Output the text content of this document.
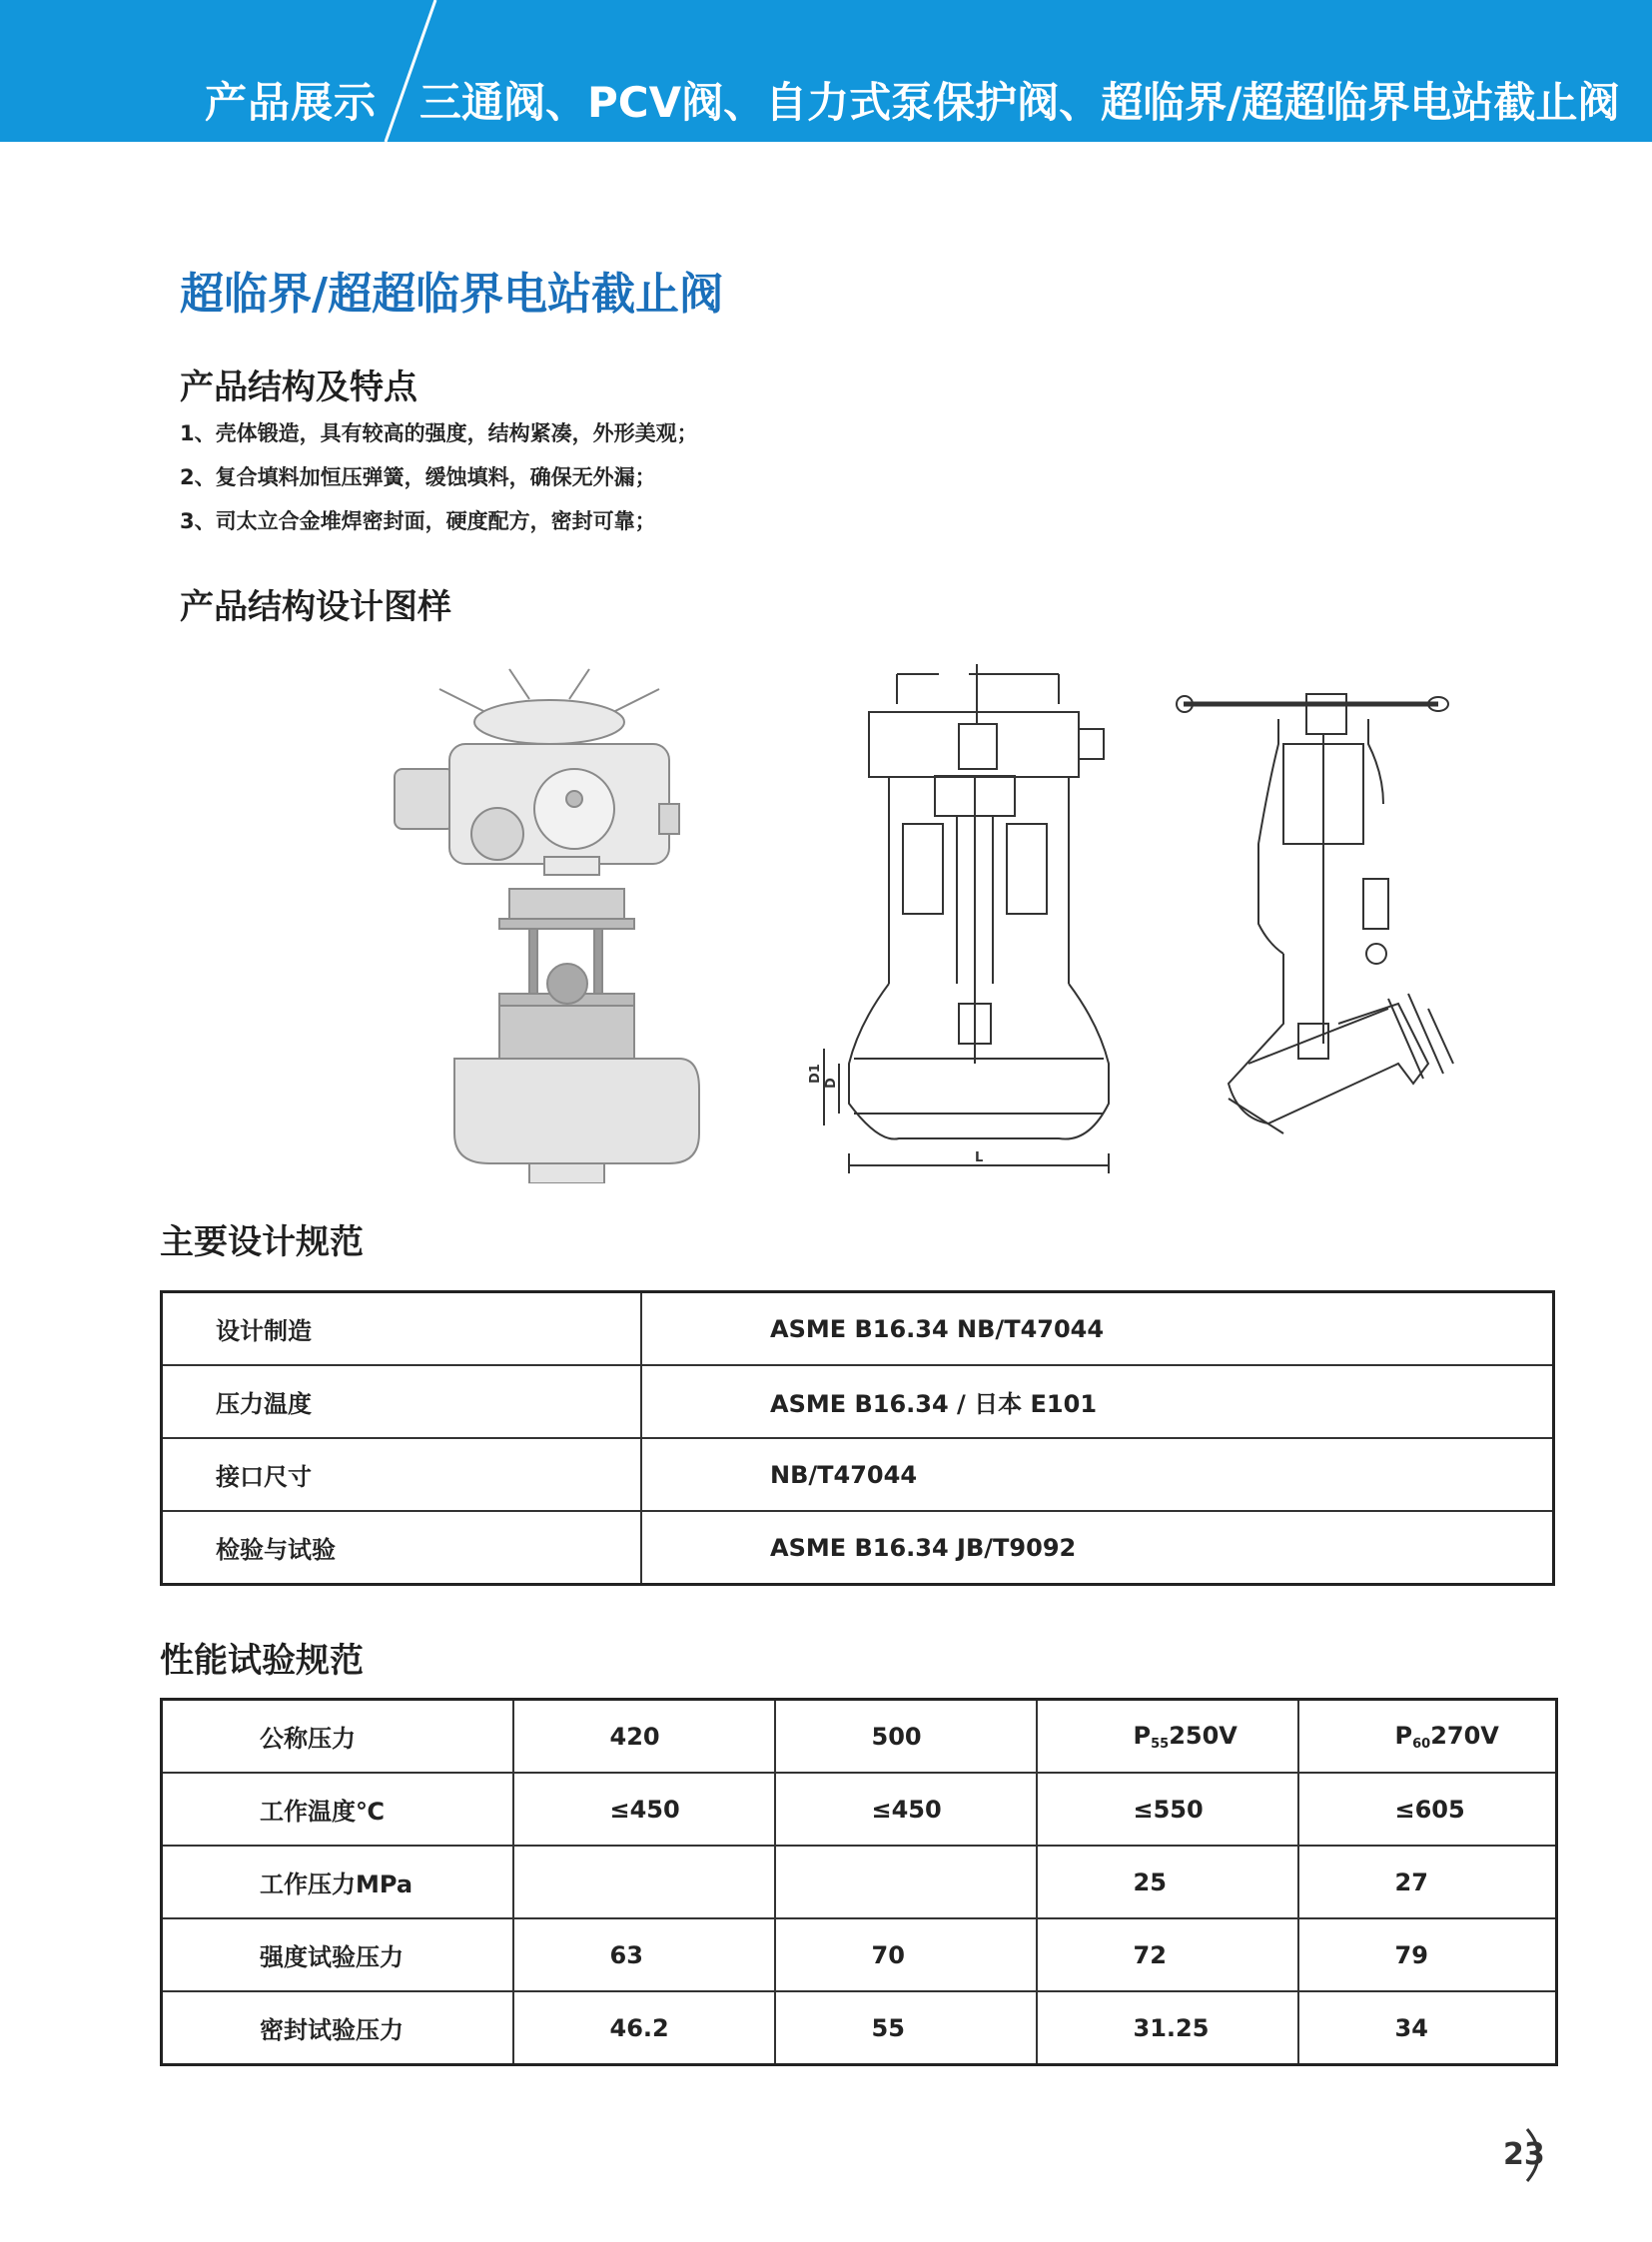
产品展示 三通阀、PCV阀、自力式泵保护阀、超临界/超超临界电站截止阀
超临界/超超临界电站截止阀
产品结构及特点
1、壳体锻造，具有较高的强度，结构紧凑，外形美观；
2、复合填料加恒压弹簧，缓蚀填料，确保无外漏；
3、司太立合金堆焊密封面，硬度配方，密封可靠；
产品结构设计图样
D1 D
L
主要设计规范
设计制造	ASME B16.34 NB/T47044
压力温度	ASME B16.34 / 日本 E101
接口尺寸	NB/T47044
检验与试验	ASME B16.34 JB/T9092
性能试验规范
公称压力	420	500	$P_{55}250V$	$P_{60}270V$
工作温度℃	≤450	≤450	≤550	≤605
工作压力MPa			25	27
强度试验压力	63	70	72	79
密封试验压力	46.2	55	31.25	34
23
